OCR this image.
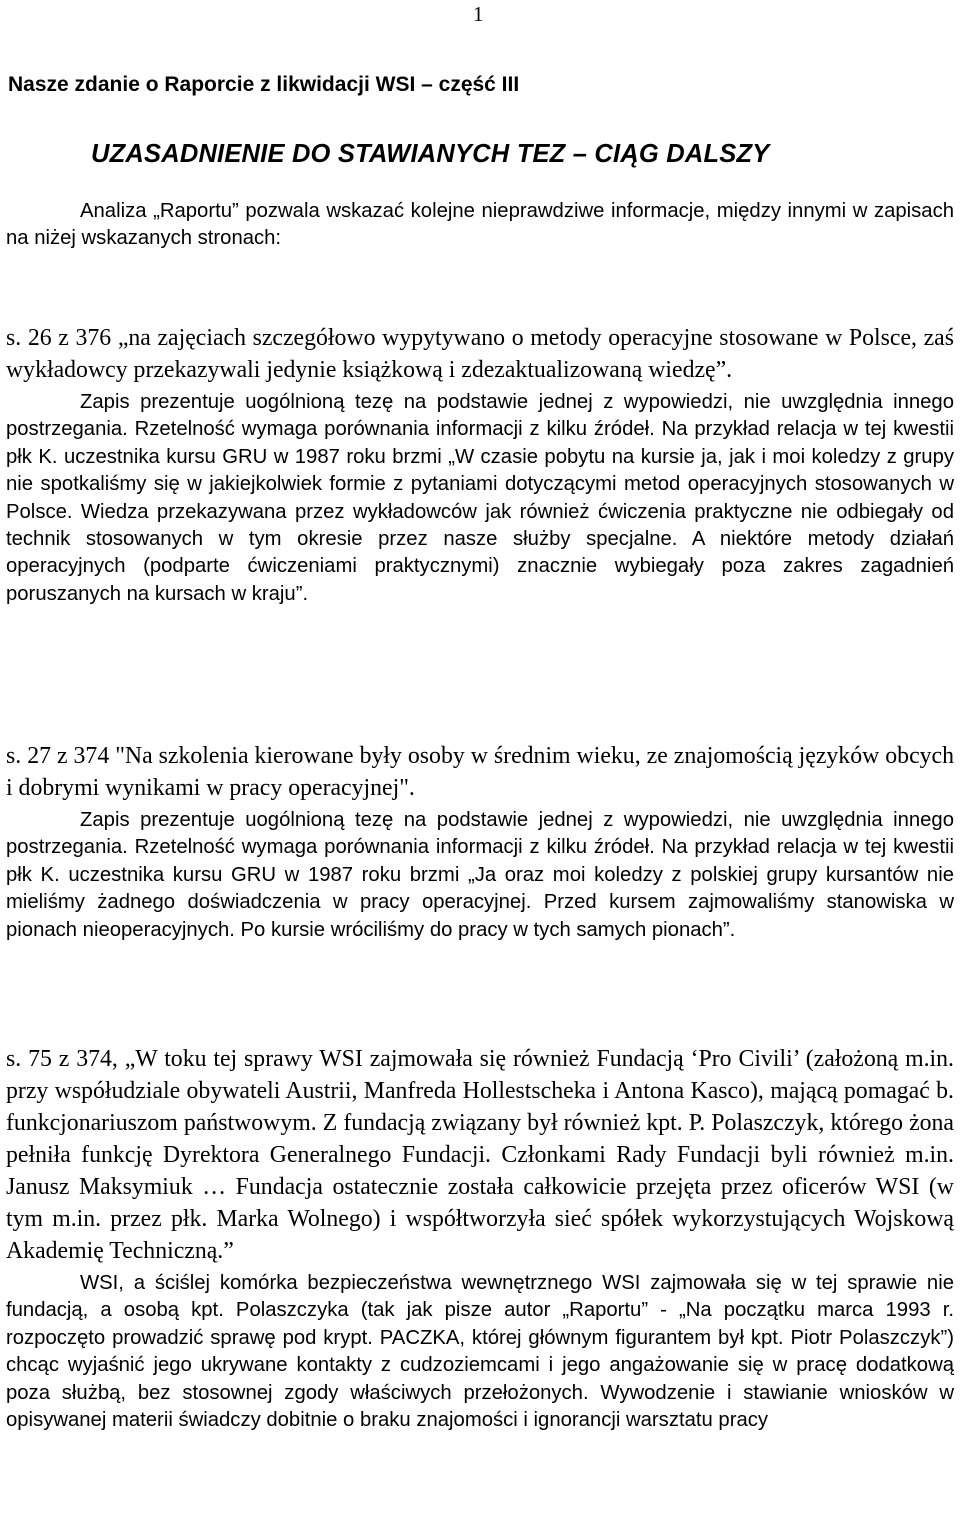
1
Nasze zdanie o Raporcie z likwidacji WSI – część III
UZASADNIENIE DO STAWIANYCH TEZ – CIĄG DALSZY

Analiza „Raportu” pozwala wskazać kolejne nieprawdziwe informacje, między innymi w zapisach na niżej wskazanych stronach:

s. 26 z 376 „na zajęciach szczegółowo wypytywano o metody operacyjne stosowane w Polsce, zaś wykładowcy przekazywali jedynie książkową i zdezaktualizowaną wiedzę”.

Zapis prezentuje uogólnioną tezę na podstawie jednej z wypowiedzi, nie uwzględnia innego postrzegania. Rzetelność wymaga porównania informacji z kilku źródeł. Na przykład relacja w tej kwestii płk K. uczestnika kursu GRU w 1987 roku brzmi „W czasie pobytu na kursie ja, jak i moi koledzy z grupy nie spotkaliśmy się w jakiejkolwiek formie z pytaniami dotyczącymi metod operacyjnych stosowanych w Polsce. Wiedza przekazywana przez wykładowców jak również ćwiczenia praktyczne nie odbiegały od technik stosowanych w tym okresie przez nasze służby specjalne. A niektóre metody działań operacyjnych (podparte ćwiczeniami praktycznymi) znacznie wybiegały poza zakres zagadnień poruszanych na kursach w kraju”.

s. 27 z 374 "Na szkolenia kierowane były osoby w średnim wieku, ze znajomością języków obcych i dobrymi wynikami w pracy operacyjnej".

Zapis prezentuje uogólnioną tezę na podstawie jednej z wypowiedzi, nie uwzględnia innego postrzegania. Rzetelność wymaga porównania informacji z kilku źródeł. Na przykład relacja w tej kwestii płk K. uczestnika kursu GRU w 1987 roku brzmi „Ja oraz moi koledzy z polskiej grupy kursantów nie mieliśmy żadnego doświadczenia w pracy operacyjnej. Przed kursem zajmowaliśmy stanowiska w pionach nieoperacyjnych. Po kursie wróciliśmy do pracy w tych samych pionach”.

s. 75 z 374, „W toku tej sprawy WSI zajmowała się również Fundacją ‘Pro Civili’ (założoną m.in. przy współudziale obywateli Austrii, Manfreda Hollestscheka i Antona Kasco), mającą pomagać b. funkcjonariuszom państwowym. Z fundacją związany był również kpt. P. Polaszczyk, którego żona pełniła funkcję Dyrektora Generalnego Fundacji. Członkami Rady Fundacji byli również m.in. Janusz Maksymiuk … Fundacja ostatecznie została całkowicie przejęta przez oficerów WSI (w tym m.in. przez płk. Marka Wolnego) i współtworzyła sieć spółek wykorzystujących Wojskową Akademię Techniczną.”

WSI, a ściślej komórka bezpieczeństwa wewnętrznego WSI zajmowała się w tej sprawie nie fundacją, a osobą kpt. Polaszczyka (tak jak pisze autor „Raportu” - „Na początku marca 1993 r. rozpoczęto prowadzić sprawę pod krypt. PACZKA, której głównym figurantem był kpt. Piotr Polaszczyk”) chcąc wyjaśnić jego ukrywane kontakty z cudzoziemcami i jego angażowanie się w pracę dodatkową poza służbą, bez stosownej zgody właściwych przełożonych. Wywodzenie i stawianie wniosków w opisywanej materii świadczy dobitnie o braku znajomości i ignorancji warsztatu pracy
